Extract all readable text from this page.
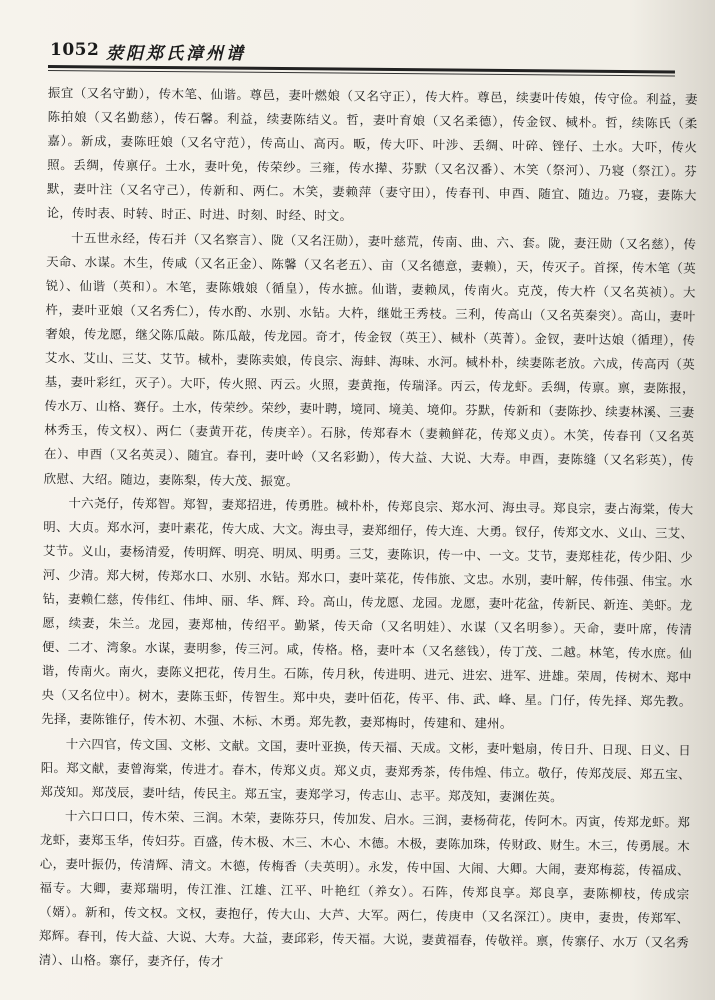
1052 荥阳郑氏漳州谱

振宜（又名守勤），传木笔、仙谐。尊邑，妻叶燃娘（又名守正），传大杵。尊邑，续妻叶传娘，传守俭。利益，妻陈拍娘（又名勤慈），传石馨。利益，续妻陈结义。哲，妻叶育娘（又名柔德），传金钗、棫朴。哲，续陈氏（柔嘉）。新成，妻陈旺娘（又名守范），传高山、高丙。畈，传大吓、叶涉、丢绸、叶碎、锉仔、土水。大吓，传火照。丢绸，传禀仔。土水，妻叶免，传荣纱。三雍，传水撵、芬默（又名汉番）、木笑（祭河）、乃寝（祭江）。芬默，妻叶注（又名守己），传新和、两仁。木笑，妻赖萍（妻守田），传春刊、申酉、随宜、随边。乃寝，妻陈大论，传时表、时转、时正、时进、时刻、时经、时文。

十五世永经，传石并（又名察言）、陇（又名汪勋），妻叶慈荒，传南、曲、六、套。陇，妻汪勋（又名慈），传天命、水谋。木生，传咸（又名正金）、陈馨（又名老五）、亩（又名德意，妻赖），天，传灭子。首探，传木笔（英锐）、仙谐（英和）。木笔，妻陈娥娘（循皇），传水摭。仙谐，妻赖凤，传南火。克茂，传大杵（又名英祯）。大杵，妻叶亚娘（又名秀仁），传水酌、水别、水钻。大杵，继妣王秀枝。三利，传高山（又名英秦突）。高山，妻叶奢娘，传龙愿，继父陈瓜敲。陈瓜敲，传龙园。奇才，传金钗（英王）、棫朴（英菁）。金钗，妻叶达娘（循理），传艾水、艾山、三艾、艾节。棫朴，妻陈卖娘，传良宗、海蚌、海味、水河。棫朴朴，续妻陈老放。六成，传高丙（英基，妻叶彩红，灭子）。大吓，传火照、丙云。火照，妻黄拖，传瑞泽。丙云，传龙虾。丢绸，传禀。禀，妻陈报，传水万、山格、赛仔。土水，传荣纱。荣纱，妻叶聘，境同、境美、境仰。芬默，传新和（妻陈抄、续妻林溪、三妻林秀玉，传文权）、两仁（妻黄开花，传庚辛）。石脉，传郑春木（妻赖鲜花，传郑义贞）。木笑，传春刊（又名英在）、申酉（又名英灵）、随宜。春刊，妻叶岭（又名彩勤），传大益、大说、大寿。申酉，妻陈缝（又名彩英），传欣慰、大绍。随边，妻陈梨，传大茂、振宽。

十六尧仔，传郑智。郑智，妻郑招进，传勇胜。棫朴朴，传郑良宗、郑水河、海虫寻。郑良宗，妻占海棠，传大明、大贞。郑水河，妻叶素花，传大成、大文。海虫寻，妻郑细仔，传大连、大勇。钗仔，传郑文水、义山、三艾、艾节。义山，妻杨清爱，传明辉、明亮、明凤、明勇。三艾，妻陈识，传一中、一文。艾节，妻郑桂花，传少阳、少河、少清。郑大树，传郑水口、水别、水钻。郑水口，妻叶菜花，传伟旅、文忠。水别，妻叶解，传伟强、伟宝。水钻，妻赖仁慈，传伟红、伟坤、丽、华、辉、玲。高山，传龙愿、龙园。龙愿，妻叶花盆，传新民、新连、美虾。龙愿，续妻，朱兰。龙园，妻郑柚，传绍平。勤紧，传天命（又名明娃）、水谋（又名明参）。天命，妻叶席，传清便、二才、湾象。水谋，妻明参，传三河。咸，传格。格，妻叶本（又名慈钱），传丁茂、二越。林笔，传水庶。仙谐，传南火。南火，妻陈义把花，传月生。石陈，传月秋，传进明、进元、进宏、进军、进雄。荣周，传树木、郑中央（又名位中）。树木，妻陈玉虾，传智生。郑中央，妻叶佰花，传平、伟、武、峰、星。门仔，传先择、郑先教。先择，妻陈锥仔，传木初、木强、木标、木勇。郑先教，妻郑梅时，传建和、建州。

十六四官，传文国、文彬、文献。文国，妻叶亚换，传天福、天成。文彬，妻叶魁扇，传日升、日现、日义、日阳。郑文献，妻曾海棠，传进才。春木，传郑义贞。郑义贞，妻郑秀茶，传伟煌、伟立。敬仔，传郑茂辰、郑五宝、郑茂知。郑茂辰，妻叶结，传民主。郑五宝，妻郑学习，传志山、志平。郑茂知，妻渊佐英。

十六口口口，传木荣、三润。木荣，妻陈芬只，传加发、启水。三润，妻杨荷花，传阿木。丙寅，传郑龙虾。郑龙虾，妻郑玉华，传妇芬。百盛，传木极、木三、木心、木德。木极，妻陈加珠，传财政、财生。木三，传勇展。木心，妻叶振仍，传清辉、清文。木德，传梅香（夫英明）。永发，传中国、大闹、大卿。大闹，妻郑梅蕊，传福成、福专。大卿，妻郑瑞明，传江淮、江雄、江平、叶艳红（养女）。石阵，传郑良享。郑良享，妻陈柳枝，传成宗（婿）。新和，传文权。文权，妻抱仔，传大山、大芦、大军。两仁，传庚申（又名深江）。庚申，妻贵，传郑军、郑辉。春刊，传大益、大说、大寿。大益，妻邱彩，传天福。大说，妻黄福春，传敬祥。禀，传寨仔、水万（又名秀清）、山格。寨仔，妻齐仔，传才
